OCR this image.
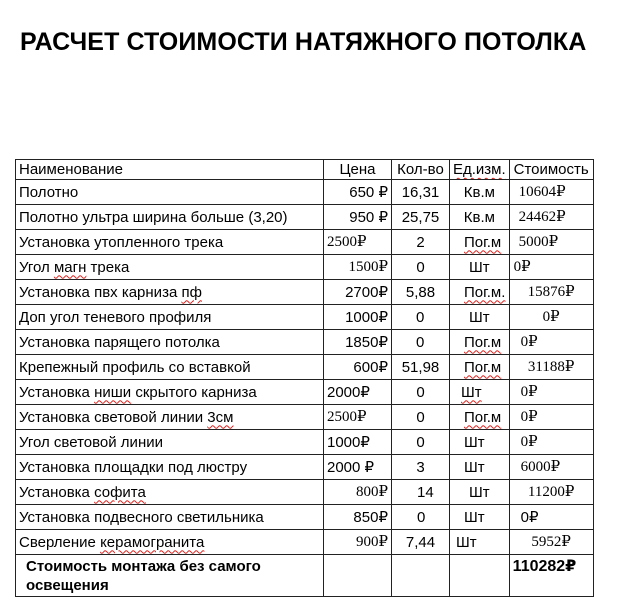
РАСЧЕТ СТОИМОСТИ НАТЯЖНОГО ПОТОЛКА
Наименование	Цена	Кол-во	Ед.изм.	Стоимость
Полотно	650 ₽	16,31	Кв.м	10604₽
Полотно ультра ширина больше (3,20)	950 ₽	25,75	Кв.м	24462₽
Установка утопленного трека	2500₽	2	Пог.м	5000₽
Угол магн трека	1500₽	0	Шт	0₽
Установка пвх карниза пф	2700₽	5,88	Пог.м.	15876₽
Доп угол теневого профиля	1000₽	0	Шт	0₽
Установка парящего потолка	1850₽	0	Пог.м	0₽
Крепежный профиль со вставкой	600₽	51,98	Пог.м	31188₽
Установка ниши скрытого карниза	2000₽	0	Шт	0₽
Установка световой линии 3см	2500₽	0	Пог.м	0₽
Угол световой линии	1000₽	0	Шт	0₽
Установка площадки под люстру	2000 ₽	3	Шт	6000₽
Установка софита	800₽	14	Шт	11200₽
Установка подвесного светильника	850₽	0	Шт	0₽
Сверление керамогранита	900₽	7,44	Шт	5952₽
Стоимость монтажа без самого освещения				110282₽
